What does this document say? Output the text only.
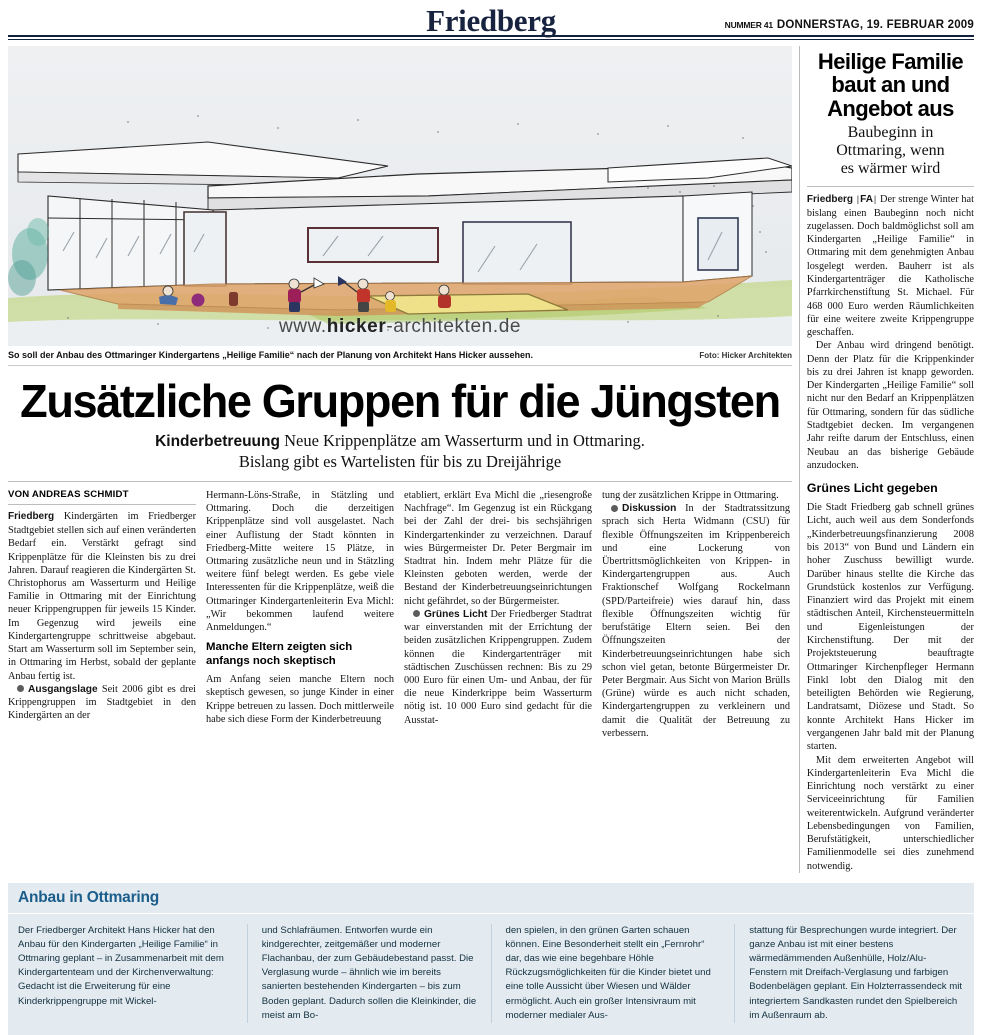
Friedberg	NUMMER 41 DONNERSTAG, 19. FEBRUAR 2009
www.hicker-architekten.de
So soll der Anbau des Ottmaringer Kindergartens „Heilige Familie“ nach der Planung von Architekt Hans Hicker aussehen.	Foto: Hicker Architekten
Zusätzliche Gruppen für die Jüngsten
Kinderbetreuung Neue Krippenplätze am Wasserturm und in Ottmaring.
Bislang gibt es Wartelisten für bis zu Dreijährige
VON ANDREAS SCHMIDT

Friedberg Kindergärten im Friedberger Stadtgebiet stellen sich auf einen veränderten Bedarf ein. Verstärkt gefragt sind Krippenplätze für die Kleinsten bis zu drei Jahren. Darauf reagieren die Kindergärten St. Christophorus am Wasserturm und Heilige Familie in Ottmaring mit der Einrichtung neuer Krippengruppen für jeweils 15 Kinder. Im Gegenzug wird jeweils eine Kindergartengruppe schrittweise abgebaut. Start am Wasserturm soll im September sein, in Ottmaring im Herbst, sobald der geplante Anbau fertig ist.

Ausgangslage Seit 2006 gibt es drei Krippengruppen im Stadtgebiet in den Kindergärten an der

Hermann-Löns-Straße, in Stätzling und Ottmaring. Doch die derzeitigen Krippenplätze sind voll ausgelastet. Nach einer Auflistung der Stadt könnten in Friedberg-Mitte weitere 15 Plätze, in Ottmaring zusätzliche neun und in Stätzling weitere fünf belegt werden. Es gebe viele Interessenten für die Krippenplätze, weiß die Ottmaringer Kindergartenleiterin Eva Michl: „Wir bekommen laufend weitere Anmeldungen.“

Manche Eltern zeigten sich anfangs noch skeptisch

Am Anfang seien manche Eltern noch skeptisch gewesen, so junge Kinder in einer Krippe betreuen zu lassen. Doch mittlerweile habe sich diese Form der Kinderbetreuung

etabliert, erklärt Eva Michl die „riesengroße Nachfrage“. Im Gegenzug ist ein Rückgang bei der Zahl der drei- bis sechsjährigen Kindergartenkinder zu verzeichnen. Darauf wies Bürgermeister Dr. Peter Bergmair im Stadtrat hin. Indem mehr Plätze für die Kleinsten geboten werden, werde der Bestand der Kinderbetreuungseinrichtungen nicht gefährdet, so der Bürgermeister.

Grünes Licht Der Friedberger Stadtrat war einverstanden mit der Errichtung der beiden zusätzlichen Krippengruppen. Zudem können die Kindergartenträger mit städtischen Zuschüssen rechnen: Bis zu 29 000 Euro für einen Um- und Anbau, der für die neue Kinderkrippe beim Wasserturm nötig ist. 10 000 Euro sind gedacht für die Ausstat-

tung der zusätzlichen Krippe in Ottmaring.

Diskussion In der Stadtratssitzung sprach sich Herta Widmann (CSU) für flexible Öffnungszeiten im Krippenbereich und eine Lockerung von Übertrittsmöglichkeiten von Krippen- in Kindergartengruppen aus. Auch Fraktionschef Wolfgang Rockelmann (SPD/Parteifreie) wies darauf hin, dass flexible Öffnungszeiten wichtig für berufstätige Eltern seien. Bei den Öffnungszeiten der Kinderbetreuungseinrichtungen habe sich schon viel getan, betonte Bürgermeister Dr. Peter Bergmair. Aus Sicht von Marion Brülls (Grüne) würde es auch nicht schaden, Kindergartengruppen zu verkleinern und damit die Qualität der Betreuung zu verbessern.

Heilige Familie
baut an und
Angebot aus
Baubeginn in
Ottmaring, wenn
es wärmer wird

Friedberg |FA| Der strenge Winter hat bislang einen Baubeginn noch nicht zugelassen. Doch baldmöglichst soll am Kindergarten „Heilige Familie“ in Ottmaring mit dem genehmigten Anbau losgelegt werden. Bauherr ist als Kindergartenträger die Katholische Pfarrkirchenstiftung St. Michael. Für 468 000 Euro werden Räumlichkeiten für eine weitere zweite Krippengruppe geschaffen.

Der Anbau wird dringend benötigt. Denn der Platz für die Krippenkinder bis zu drei Jahren ist knapp geworden. Der Kindergarten „Heilige Familie“ soll nicht nur den Bedarf an Krippenplätzen für Ottmaring, sondern für das südliche Stadtgebiet decken. Im vergangenen Jahr reifte darum der Entschluss, einen Neubau an das bisherige Gebäude anzudocken.

Grünes Licht gegeben

Die Stadt Friedberg gab schnell grünes Licht, auch weil aus dem Sonderfonds „Kinderbetreuungsfinanzierung 2008 bis 2013“ von Bund und Ländern ein hoher Zuschuss bewilligt wurde. Darüber hinaus stellte die Kirche das Grundstück kostenlos zur Verfügung. Finanziert wird das Projekt mit einem städtischen Anteil, Kirchensteuermitteln und Eigenleistungen der Kirchenstiftung. Der mit der Projektsteuerung beauftragte Ottmaringer Kirchenpfleger Hermann Finkl lobt den Dialog mit den beteiligten Behörden wie Regierung, Landratsamt, Diözese und Stadt. So konnte Architekt Hans Hicker im vergangenen Jahr bald mit der Planung starten.

Mit dem erweiterten Angebot will Kindergartenleiterin Eva Michl die Einrichtung noch verstärkt zu einer Serviceeinrichtung für Familien weiterentwickeln. Aufgrund veränderter Lebensbedingungen von Familien, Berufstätigkeit, unterschiedlicher Familienmodelle sei dies zunehmend notwendig.

Anbau in Ottmaring

Der Friedberger Architekt Hans Hicker hat den Anbau für den Kindergarten „Heilige Familie“ in Ottmaring geplant – in Zusammenarbeit mit dem Kindergartenteam und der Kirchenverwaltung: Gedacht ist die Erweiterung für eine Kinderkrippengruppe mit Wickel-

und Schlafräumen. Entworfen wurde ein kindgerechter, zeitgemäßer und moderner Flachanbau, der zum Gebäudebestand passt. Die Verglasung wurde – ähnlich wie im bereits sanierten bestehenden Kindergarten – bis zum Boden geplant. Dadurch sollen die Kleinkinder, die meist am Bo-

den spielen, in den grünen Garten schauen können. Eine Besonderheit stellt ein „Fernrohr“ dar, das wie eine begehbare Höhle Rückzugsmöglichkeiten für die Kinder bietet und eine tolle Aussicht über Wiesen und Wälder ermöglicht. Auch ein großer Intensivraum mit moderner medialer Aus-

stattung für Besprechungen wurde integriert. Der ganze Anbau ist mit einer bestens wärmedämmenden Außenhülle, Holz/Alu-Fenstern mit Dreifach-Verglasung und farbigen Bodenbelägen geplant. Ein Holzterrassendeck mit integriertem Sandkasten rundet den Spielbereich im Außenraum ab.
